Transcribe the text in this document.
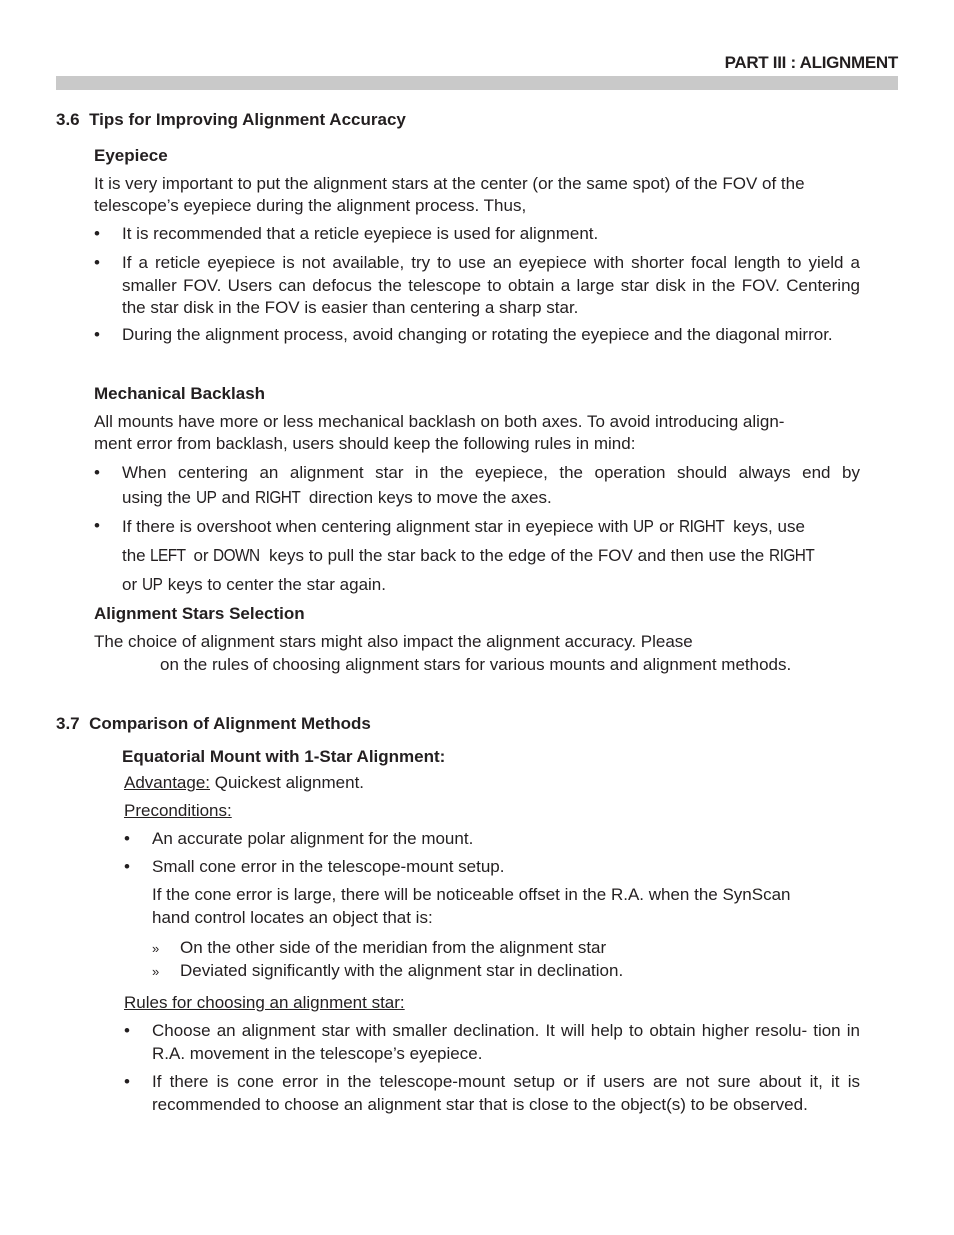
PART III : ALIGNMENT
3.6 Tips for Improving Alignment Accuracy
Eyepiece
It is very important to put the alignment stars at the center (or the same spot) of the FOV of the
telescope’s eyepiece during the alignment process. Thus,
•	It is recommended that a reticle eyepiece is used for alignment.
•	If a reticle eyepiece is not available, try to use an eyepiece with shorter focal length to yield a smaller FOV. Users can defocus the telescope to obtain a large star disk in the FOV. Centering the star disk in the FOV is easier than centering a sharp star.
•	During the alignment process, avoid changing or rotating the eyepiece and the diagonal mirror.
Mechanical Backlash
All mounts have more or less mechanical backlash on both axes. To avoid introducing align-
ment error from backlash, users should keep the following rules in mind:
•	When centering an alignment star in the eyepiece, the operation should always end by
using the UP and RIGHT direction keys to move the axes.
•	If there is overshoot when centering alignment star in eyepiece with UP or RIGHT keys, use
the LEFT or DOWN keys to pull the star back to the edge of the FOV and then use the RIGHT
or UP keys to center the star again.
Alignment Stars Selection
The choice of alignment stars might also impact the alignment accuracy. Please
on the rules of choosing alignment stars for various mounts and alignment methods.
3.7 Comparison of Alignment Methods
Equatorial Mount with 1-Star Alignment:
Advantage: Quickest alignment.
Preconditions:
•	An accurate polar alignment for the mount.
•	Small cone error in the telescope-mount setup.
If the cone error is large, there will be noticeable offset in the R.A. when the SynScan
hand control locates an object that is:
» On the other side of the meridian from the alignment star
» Deviated significantly with the alignment star in declination.
Rules for choosing an alignment star:
•	Choose an alignment star with smaller declination. It will help to obtain higher resolu- tion in R.A. movement in the telescope’s eyepiece.
•	If there is cone error in the telescope-mount setup or if users are not sure about it, it is recommended to choose an alignment star that is close to the object(s) to be observed.
